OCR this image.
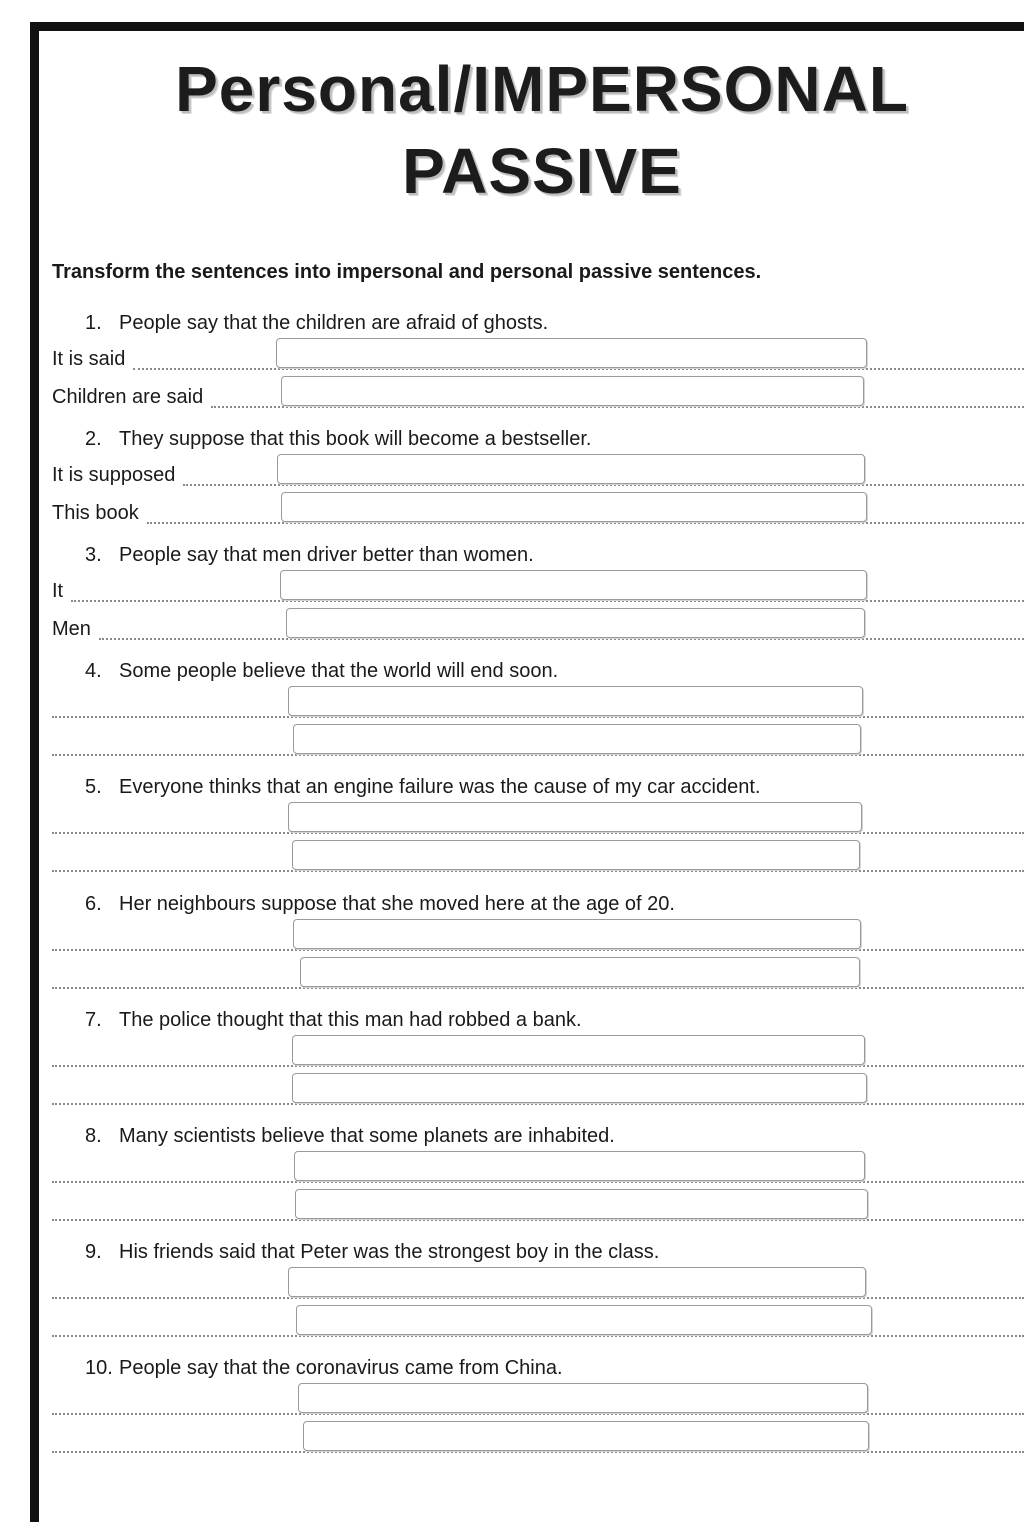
Personal/IMPERSONAL
PASSIVE
Transform the sentences into impersonal and personal passive sentences.
1. People say that the children are afraid of ghosts.
It is said
Children are said
2. They suppose that this book will become a bestseller.
It is supposed
This book
3. People say that men driver better than women.
It
Men
4. Some people believe that the world will end soon.
5. Everyone thinks that an engine failure was the cause of my car accident.
6. Her neighbours suppose that she moved here at the age of 20.
7. The police thought that this man had robbed a bank.
8. Many scientists believe that some planets are inhabited.
9. His friends said that Peter was the strongest boy in the class.
10. People say that the coronavirus came from China.
